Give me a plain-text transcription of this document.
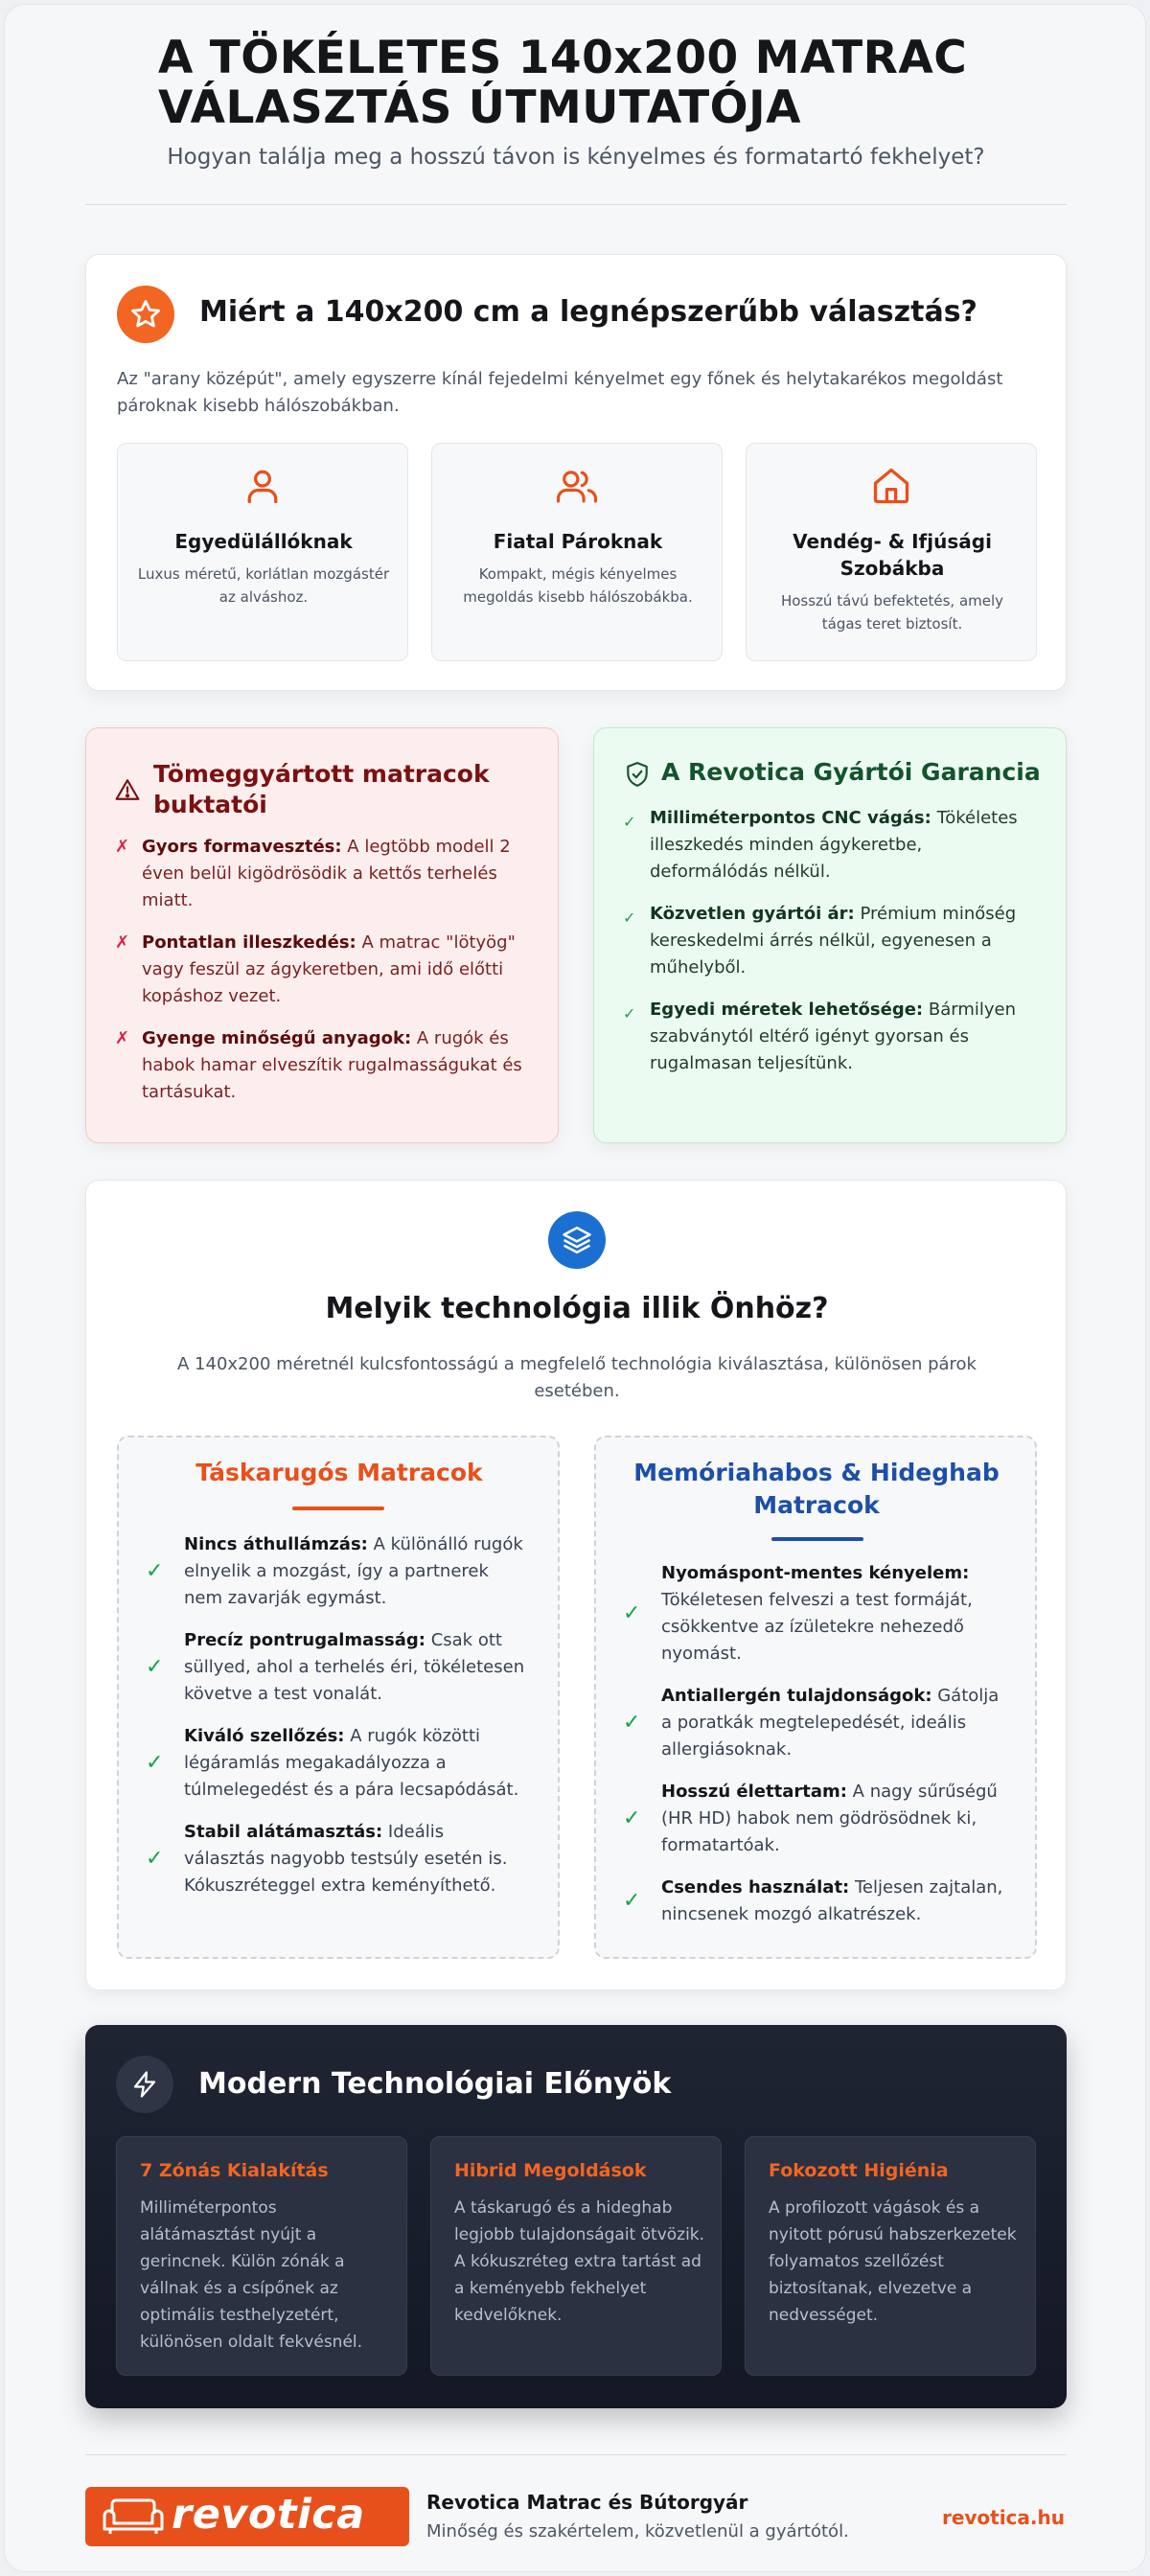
A TÖKÉLETES 140x200 MATRAC VÁLASZTÁS ÚTMUTATÓJA
Hogyan találja meg a hosszú távon is kényelmes és formatartó fekhelyet?
Miért a 140x200 cm a legnépszerűbb választás?
Az "arany középút", amely egyszerre kínál fejedelmi kényelmet egy főnek és helytakarékos megoldást pároknak kisebb hálószobákban.
Egyedülállóknak
Luxus méretű, korlátlan mozgástér az alváshoz.
Fiatal Pároknak
Kompakt, mégis kényelmes megoldás kisebb hálószobákba.
Vendég- & Ifjúsági Szobákba
Hosszú távú befektetés, amely tágas teret biztosít.
Tömeggyártott matracok buktatói
✗ Gyors formavesztés: A legtöbb modell 2 éven belül kigödrösödik a kettős terhelés miatt.
✗ Pontatlan illeszkedés: A matrac "lötyög" vagy feszül az ágykeretben, ami idő előtti kopáshoz vezet.
✗ Gyenge minőségű anyagok: A rugók és habok hamar elveszítik rugalmasságukat és tartásukat.
A Revotica Gyártói Garancia
✓ Milliméterpontos CNC vágás: Tökéletes illeszkedés minden ágykeretbe, deformálódás nélkül.
✓ Közvetlen gyártói ár: Prémium minőség kereskedelmi árrés nélkül, egyenesen a műhelyből.
✓ Egyedi méretek lehetősége: Bármilyen szabványtól eltérő igényt gyorsan és rugalmasan teljesítünk.
Melyik technológia illik Önhöz?
A 140x200 méretnél kulcsfontosságú a megfelelő technológia kiválasztása, különösen párok esetében.
Táskarugós Matracok
✓
Nincs áthullámzás: A különálló rugók elnyelik a mozgást, így a partnerek nem zavarják egymást.
✓
Precíz pontrugalmasság: Csak ott süllyed, ahol a terhelés éri, tökéletesen követve a test vonalát.
✓
Kiváló szellőzés: A rugók közötti légáramlás megakadályozza a túlmelegedést és a pára lecsapódását.
✓
Stabil alátámasztás: Ideális választás nagyobb testsúly esetén is. Kókuszréteggel extra keményíthető.
Memóriahabos & Hideghab Matracok
✓
Nyomáspont-mentes kényelem: Tökéletesen felveszi a test formáját, csökkentve az ízületekre nehezedő nyomást.
✓
Antiallergén tulajdonságok: Gátolja a poratkák megtelepedését, ideális allergiásoknak.
✓
Hosszú élettartam: A nagy sűrűségű (HR HD) habok nem gödrösödnek ki, formatartóak.
✓
Csendes használat: Teljesen zajtalan, nincsenek mozgó alkatrészek.
Modern Technológiai Előnyök
7 Zónás Kialakítás
Milliméterpontos alátámasztást nyújt a gerincnek. Külön zónák a vállnak és a csípőnek az optimális testhelyzetért, különösen oldalt fekvésnél.
Hibrid Megoldások
A táskarugó és a hideghab legjobb tulajdonságait ötvözik. A kókuszréteg extra tartást ad a keményebb fekhelyet kedvelőknek.
Fokozott Higiénia
A profilozott vágások és a nyitott pórusú habszerkezetek folyamatos szellőzést biztosítanak, elvezetve a nedvességet.
revotica	Revotica Matrac és Bútorgyár
Minőség és szakértelem, közvetlenül a gyártótól.
revotica.hu
